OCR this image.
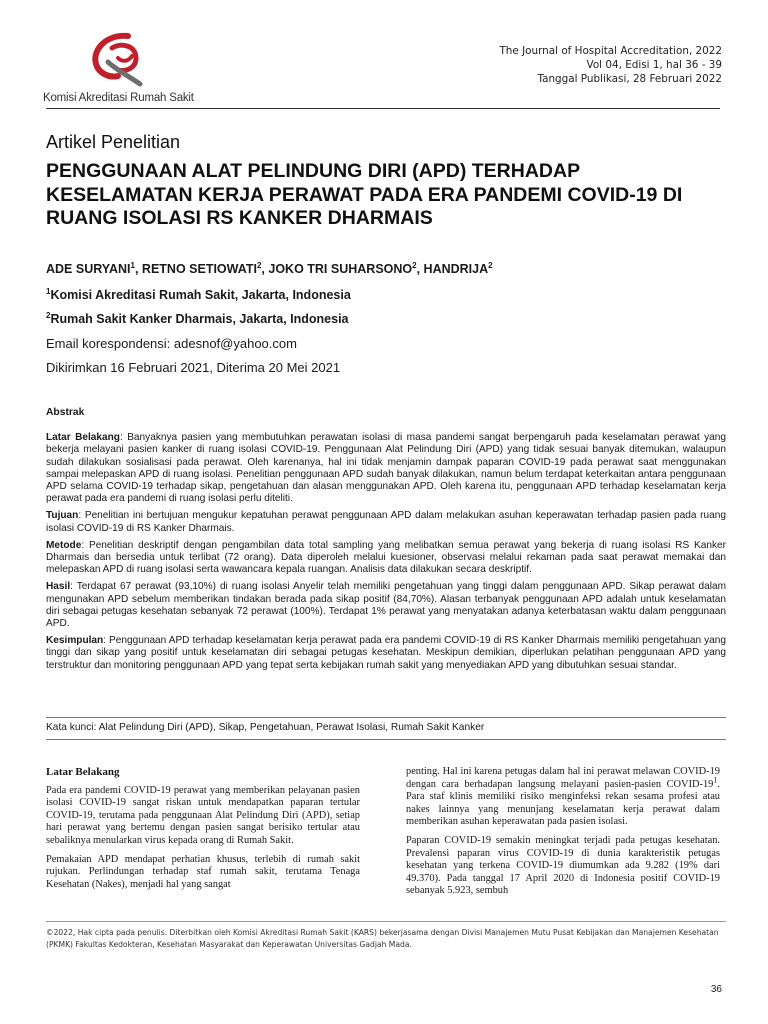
Komisi Akreditasi Rumah Sakit
The Journal of Hospital Accreditation, 2022
Vol 04, Edisi 1, hal 36 - 39
Tanggal Publikasi, 28 Februari 2022
Artikel Penelitian
PENGGUNAAN ALAT PELINDUNG DIRI (APD) TERHADAP KESELAMATAN KERJA PERAWAT PADA ERA PANDEMI COVID-19 DI RUANG ISOLASI RS KANKER DHARMAIS
ADE SURYANI$^1$, RETNO SETIOWATI$^2$, JOKO TRI SUHARSONO$^2$, HANDRIJA$^2$
$^1$Komisi Akreditasi Rumah Sakit, Jakarta, Indonesia
$^2$Rumah Sakit Kanker Dharmais, Jakarta, Indonesia
Email korespondensi: adesnof@yahoo.com
Dikirimkan 16 Februari 2021, Diterima 20 Mei 2021
Abstrak

Latar Belakang: Banyaknya pasien yang membutuhkan perawatan isolasi di masa pandemi sangat berpengaruh pada keselamatan perawat yang bekerja melayani pasien kanker di ruang isolasi COVID-19. Penggunaan Alat Pelindung Diri (APD) yang tidak sesuai banyak ditemukan, walaupun sudah dilakukan sosialisasi pada perawat. Oleh karenanya, hal ini tidak menjamin dampak paparan COVID-19 pada perawat saat menggunakan sampai melepaskan APD di ruang isolasi. Penelitian penggunaan APD sudah banyak dilakukan, namun belum terdapat keterkaitan antara penggunaan APD selama COVID-19 terhadap sikap, pengetahuan dan alasan menggunakan APD. Oleh karena itu, penggunaan APD terhadap keselamatan kerja perawat pada era pandemi di ruang isolasi perlu diteliti.

Tujuan: Penelitian ini bertujuan mengukur kepatuhan perawat penggunaan APD dalam melakukan asuhan keperawatan terhadap pasien pada ruang isolasi COVID-19 di RS Kanker Dharmais.

Metode: Penelitian deskriptif dengan pengambilan data total sampling yang melibatkan semua perawat yang bekerja di ruang isolasi RS Kanker Dharmais dan bersedia untuk terlibat (72 orang). Data diperoleh melalui kuesioner, observasi melalui rekaman pada saat perawat memakai dan melepaskan APD di ruang isolasi serta wawancara kepala ruangan. Analisis data dilakukan secara deskriptif.

Hasil: Terdapat 67 perawat (93,10%) di ruang isolasi Anyelir telah memiliki pengetahuan yang tinggi dalam penggunaan APD. Sikap perawat dalam mengunakan APD sebelum memberikan tindakan berada pada sikap positif (84,70%). Alasan terbanyak penggunaan APD adalah untuk keselamatan diri sebagai petugas kesehatan sebanyak 72 perawat (100%). Terdapat 1% perawat yang menyatakan adanya keterbatasan waktu dalam penggunaan APD.

Kesimpulan: Penggunaan APD terhadap keselamatan kerja perawat pada era pandemi COVID-19 di RS Kanker Dharmais memiliki pengetahuan yang tinggi dan sikap yang positif untuk keselamatan diri sebagai petugas kesehatan. Meskipun demikian, diperlukan pelatihan penggunaan APD yang terstruktur dan monitoring penggunaan APD yang tepat serta kebijakan rumah sakit yang menyediakan APD yang dibutuhkan sesuai standar.

Kata kunci: Alat Pelindung Diri (APD), Sikap, Pengetahuan, Perawat Isolasi, Rumah Sakit Kanker
Latar Belakang

Pada era pandemi COVID-19 perawat yang memberikan pelayanan pasien isolasi COVID-19 sangat riskan untuk mendapatkan paparan tertular COVID-19, terutama pada penggunaan Alat Pelindung Diri (APD), setiap hari perawat yang bertemu dengan pasien sangat berisiko tertular atau sebaliknya menularkan virus kepada orang di Rumah Sakit.

Pemakaian APD mendapat perhatian khusus, terlebih di rumah sakit rujukan. Perlindungan terhadap staf rumah sakit, terutama Tenaga Kesehatan (Nakes), menjadi hal yang sangat

penting. Hal ini karena petugas dalam hal ini perawat melawan COVID-19 dengan cara berhadapan langsung melayani pasien-pasien COVID-$19^1$. Para staf klinis memiliki risiko menginfeksi rekan sesama profesi atau nakes lainnya yang menunjang keselamatan kerja perawat dalam memberikan asuhan keperawatan pada pasien isolasi.

Paparan COVID-19 semakin meningkat terjadi pada petugas kesehatan. Prevalensi paparan virus COVID-19 di dunia karakteristik petugas kesehatan yang terkena COVID-19 diumumkan ada 9.282 (19% dari 49.370). Pada tanggal 17 April 2020 di Indonesia positif COVID-19 sebanyak 5.923, sembuh

©2022, Hak cipta pada penulis. Diterbitkan oleh Komisi Akreditasi Rumah Sakit (KARS) bekerjasama dengan Divisi Manajemen Mutu Pusat Kebijakan dan Manajemen Kesehatan (PKMK) Fakultas Kedokteran, Kesehatan Masyarakat dan Keperawatan Universitas Gadjah Mada.
36
